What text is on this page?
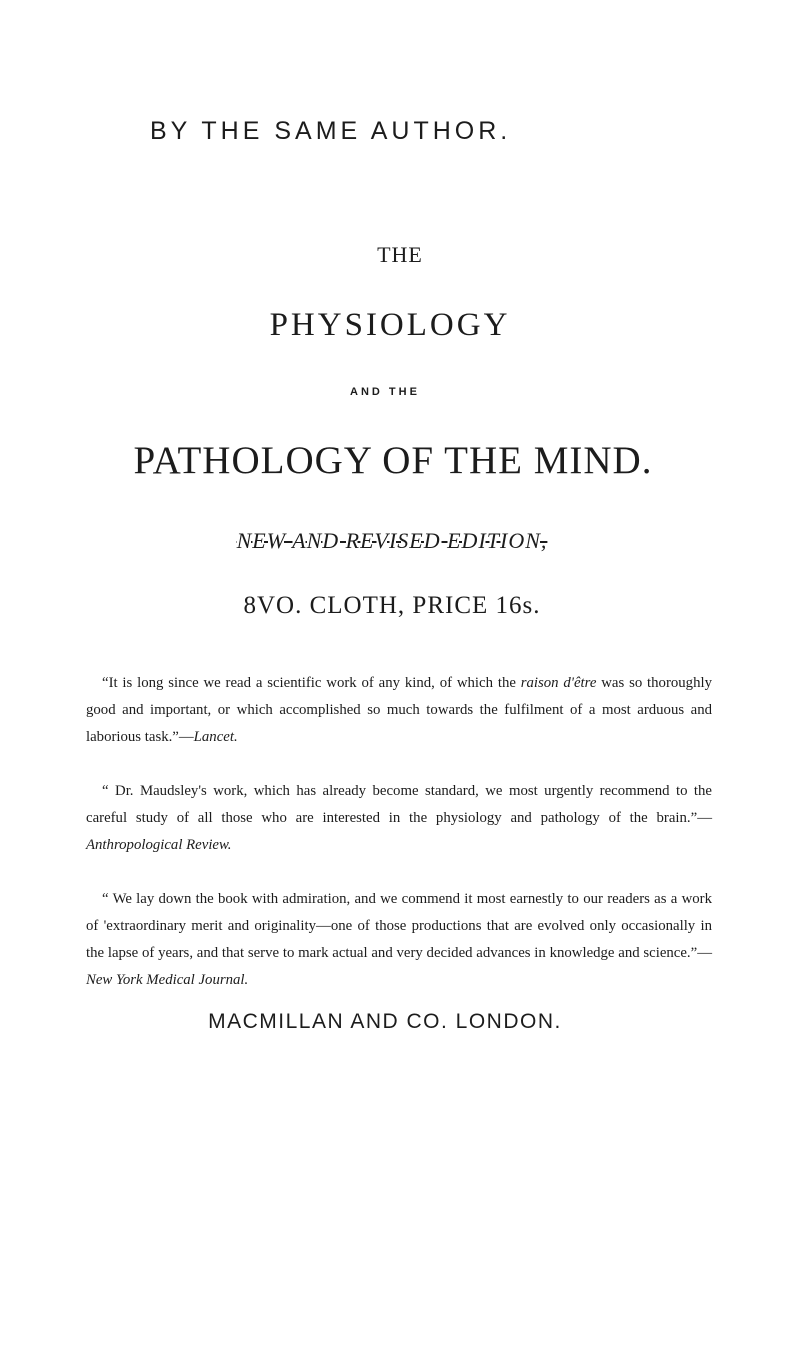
BY THE SAME AUTHOR.
THE
PHYSIOLOGY
AND THE
PATHOLOGY OF THE MIND.
NEW AND REVISED EDITION,
8VO. CLOTH, PRICE 16s.

“It is long since we read a scientific work of any kind, of which the raison d'être was so thoroughly good and important, or which accomplished so much towards the fulfilment of a most arduous and laborious task.”—Lancet.

“ Dr. Maudsley's work, which has already become standard, we most urgently recommend to the careful study of all those who are interested in the physiology and pathology of the brain.”—Anthropological Review.

“ We lay down the book with admiration, and we commend it most earnestly to our readers as a work of 'extraordinary merit and originality—one of those productions that are evolved only occasionally in the lapse of years, and that serve to mark actual and very decided advances in knowledge and science.”—New York Medical Journal.

MACMILLAN AND CO. LONDON.
